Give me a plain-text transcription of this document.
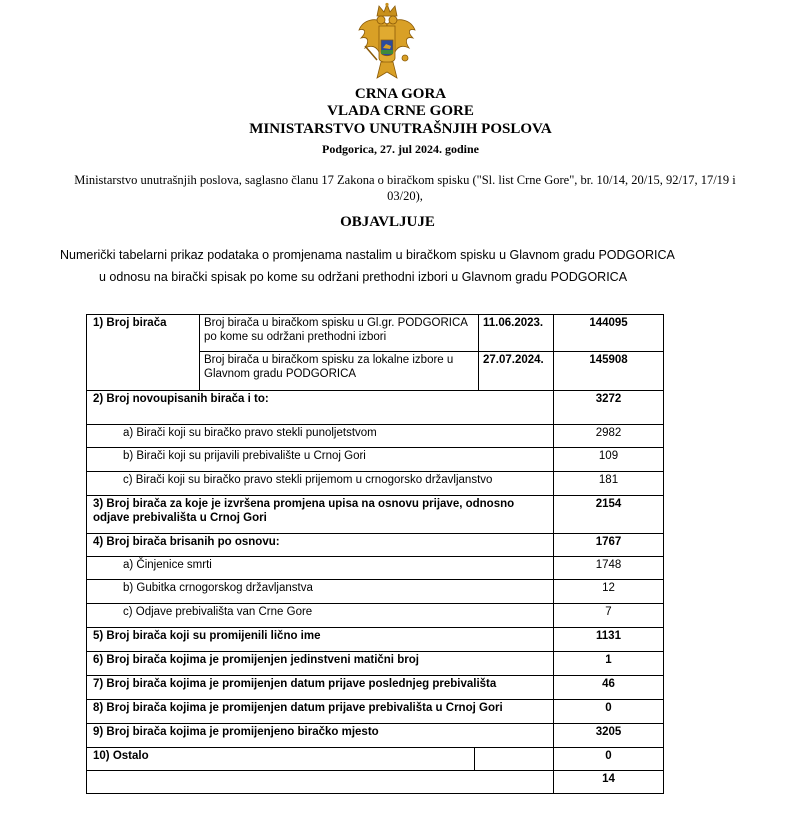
CRNA GORA
VLADA CRNE GORE
MINISTARSTVO UNUTRAŠNJIH POSLOVA
Podgorica, 27. jul 2024. godine
Ministarstvo unutrašnjih poslova, saglasno članu 17 Zakona o biračkom spisku ("Sl. list Crne Gore", br. 10/14, 20/15, 92/17, 17/19 i 03/20),
OBJAVLJUJE
Numerički tabelarni prikaz podataka o promjenama nastalim u biračkom spisku u Glavnom gradu PODGORICA
u odnosu na birački spisak po kome su održani prethodni izbori u Glavnom gradu PODGORICA
1) Broj birača	Broj birača u biračkom spisku u Gl.gr. PODGORICA po kome su održani prethodni izbori		11.06.2023.	144095
	Broj birača u biračkom spisku za lokalne izbore u Glavnom gradu PODGORICA		27.07.2024.	145908
2) Broj novoupisanih birača i to:				3272
a) Birači koji su biračko pravo stekli punoljetstvom				2982
b) Birači koji su prijavili prebivalište u Crnoj Gori				109
c) Birači koji su biračko pravo stekli prijemom u crnogorsko državljanstvo				181
3) Broj birača za koje je izvršena promjena upisa na osnovu prijave, odnosno odjave prebivališta u Crnoj Gori				2154
4) Broj birača brisanih po osnovu:				1767
a) Činjenice smrti				1748
b) Gubitka crnogorskog državljanstva				12
c) Odjave prebivališta van Crne Gore				7
5) Broj birača koji su promijenili lično ime				1131
6) Broj birača kojima je promijenjen jedinstveni matični broj				1
7) Broj birača kojima je promijenjen datum prijave poslednjeg prebivališta				46
8) Broj birača kojima je promijenjen datum prijave prebivališta u Crnoj Gori				0
9) Broj birača kojima je promijenjeno biračko mjesto				3205
10) Ostalo				0
				14
